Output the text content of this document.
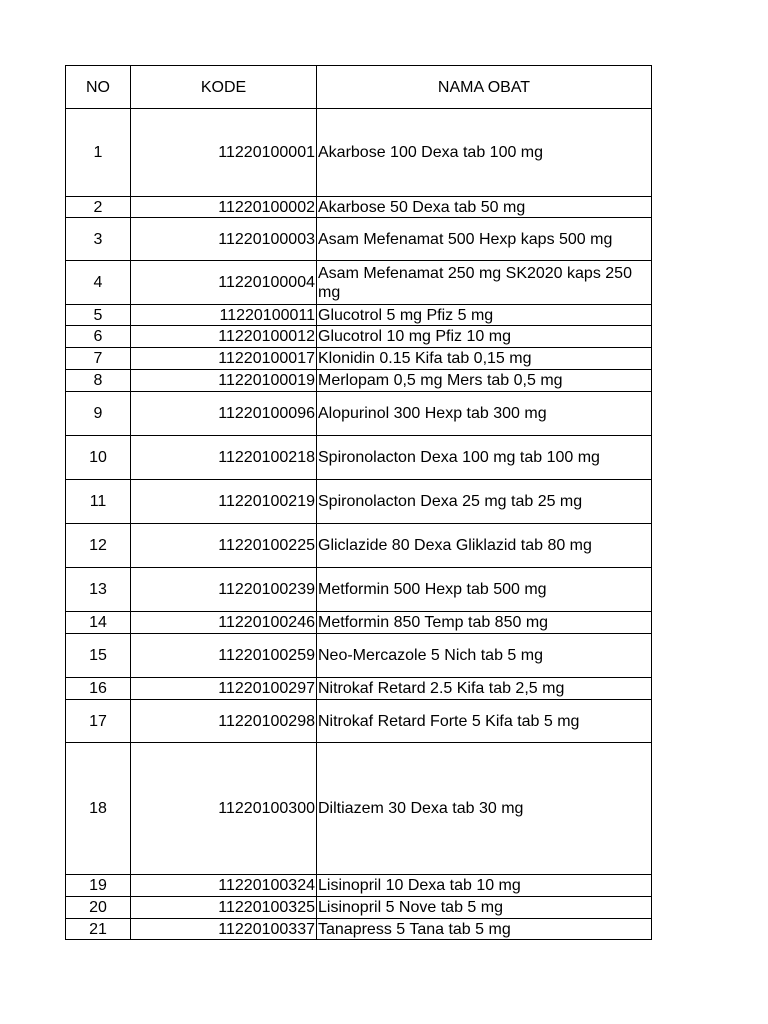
NO	KODE	NAMA OBAT
1	11220100001	Akarbose 100 Dexa tab 100 mg
2	11220100002	Akarbose 50 Dexa tab 50 mg
3	11220100003	Asam Mefenamat 500 Hexp kaps 500 mg
4	11220100004	Asam Mefenamat 250 mg SK2020 kaps 250 mg
5	11220100011	Glucotrol 5 mg Pfiz 5 mg
6	11220100012	Glucotrol 10 mg Pfiz 10 mg
7	11220100017	Klonidin 0.15 Kifa tab 0,15 mg
8	11220100019	Merlopam 0,5 mg Mers tab 0,5 mg
9	11220100096	Alopurinol 300 Hexp tab 300 mg
10	11220100218	Spironolacton Dexa 100 mg tab 100 mg
11	11220100219	Spironolacton Dexa 25 mg tab 25 mg
12	11220100225	Gliclazide 80 Dexa Gliklazid tab 80 mg
13	11220100239	Metformin 500 Hexp tab 500 mg
14	11220100246	Metformin 850 Temp tab 850 mg
15	11220100259	Neo-Mercazole 5 Nich tab 5 mg
16	11220100297	Nitrokaf Retard 2.5 Kifa tab 2,5 mg
17	11220100298	Nitrokaf Retard Forte 5 Kifa tab 5 mg
18	11220100300	Diltiazem 30 Dexa tab 30 mg
19	11220100324	Lisinopril 10 Dexa tab 10 mg
20	11220100325	Lisinopril 5 Nove tab 5 mg
21	11220100337	Tanapress 5 Tana tab 5 mg
